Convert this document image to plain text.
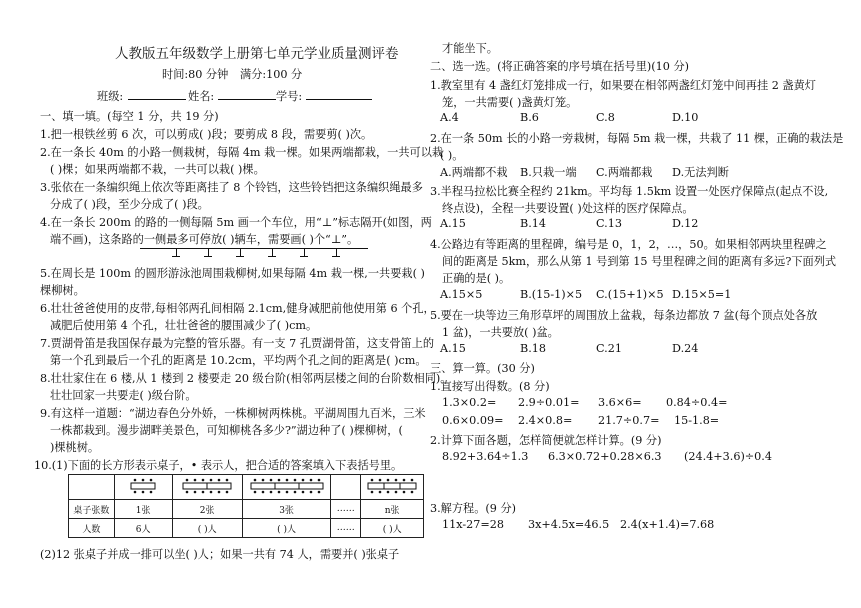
人教版五年级数学上册第七单元学业质量测评卷
时间:80 分钟 满分:100 分
班级:	姓名:	学号:
一、填一填。(每空 1 分，共 19 分)
1.把一根铁丝剪 6 次，可以剪成( )段；要剪成 8 段，需要剪( )次。
2.在一条长 40m 的小路一侧栽树，每隔 4m 栽一棵。如果两端都栽，一共可以栽
( )棵；如果两端都不栽，一共可以栽( )棵。
3.张依在一条编织绳上依次等距离挂了 8 个铃铛，这些铃铛把这条编织绳最多
分成了( )段，至少分成了( )段。
4.在一条长 200m 的路的一侧每隔 5m 画一个车位，用“⊥”标志隔开(如图，两
端不画)，这条路的一侧最多可停放( )辆车，需要画( )个“⊥”。
5.在周长是 100m 的圆形游泳池周围栽柳树,如果每隔 4m 栽一棵,一共要栽( )
棵柳树。
6.壮壮爸爸使用的皮带,每相邻两孔间相隔 2.1cm,健身减肥前他使用第 6 个孔，
减肥后使用第 4 个孔，壮壮爸爸的腰围减少了( )cm。
7.贾湖骨笛是我国保存最为完整的管乐器。有一支 7 孔贾湖骨笛，这支骨笛上的
第一个孔到最后一个孔的距离是 10.2cm，平均两个孔之间的距离是( )cm。
8.壮壮家住在 6 楼,从 1 楼到 2 楼要走 20 级台阶(相邻两层楼之间的台阶数相同)。
壮壮回家一共要走( )级台阶。
9.有这样一道题：“湖边春色分外娇，一株柳树两株桃。平湖周围九百米，三米
一株都栽到。漫步湖畔美景色，可知柳桃各多少?”湖边种了( )棵柳树，(
)棵桃树。
10.(1)下面的长方形表示桌子，• 表示人，把合适的答案填入下表括号里。

桌子张数	1张	2张	3张	……	n张
人数	6人	( )人	( )人	……	( )人
(2)12 张桌子并成一排可以坐( )人；如果一共有 74 人，需要并( )张桌子
才能坐下。
二、选一选。(将正确答案的序号填在括号里)(10 分)
1.教室里有 4 盏红灯笼排成一行，如果要在相邻两盏红灯笼中间再挂 2 盏黄灯
笼，一共需要( )盏黄灯笼。
A.4	B.6	C.8	D.10
2.在一条 50m 长的小路一旁栽树，每隔 5m 栽一棵，共栽了 11 棵，正确的栽法是
( )。
A.两端都不栽 B.只栽一端 C.两端都栽 D.无法判断
3.半程马拉松比赛全程约 21km。平均每 1.5km 设置一处医疗保障点(起点不设,
终点设)，全程一共要设置( )处这样的医疗保障点。
A.15	B.14	C.13	D.12
4.公路边有等距离的里程碑，编号是 0，1，2，…，50。如果相邻两块里程碑之
间的距离是 5km，那么从第 1 号到第 15 号里程碑之间的距离有多远?下面列式
正确的是( )。
A.15×5	B.(15-1)×5 C.(15+1)×5 D.15×5=1
5.要在一块等边三角形草坪的周围放上盆栽，每条边都放 7 盆(每个顶点处各放
1 盆)，一共要放( )盆。
A.15	B.18	C.21	D.24
三、算一算。(30 分)
1.直接写出得数。(8 分)
1.3×0.2= 2.9÷0.01= 3.6×6= 0.84÷0.4=
0.6×0.09= 2.4×0.8= 21.7÷0.7= 15-1.8=
2.计算下面各题，怎样简便就怎样计算。(9 分)
8.92+3.64÷1.3 6.3×0.72+0.28×6.3 (24.4+3.6)÷0.4
3.解方程。(9 分)
11x-27=28 3x+4.5x=46.5 2.4(x+1.4)=7.68
